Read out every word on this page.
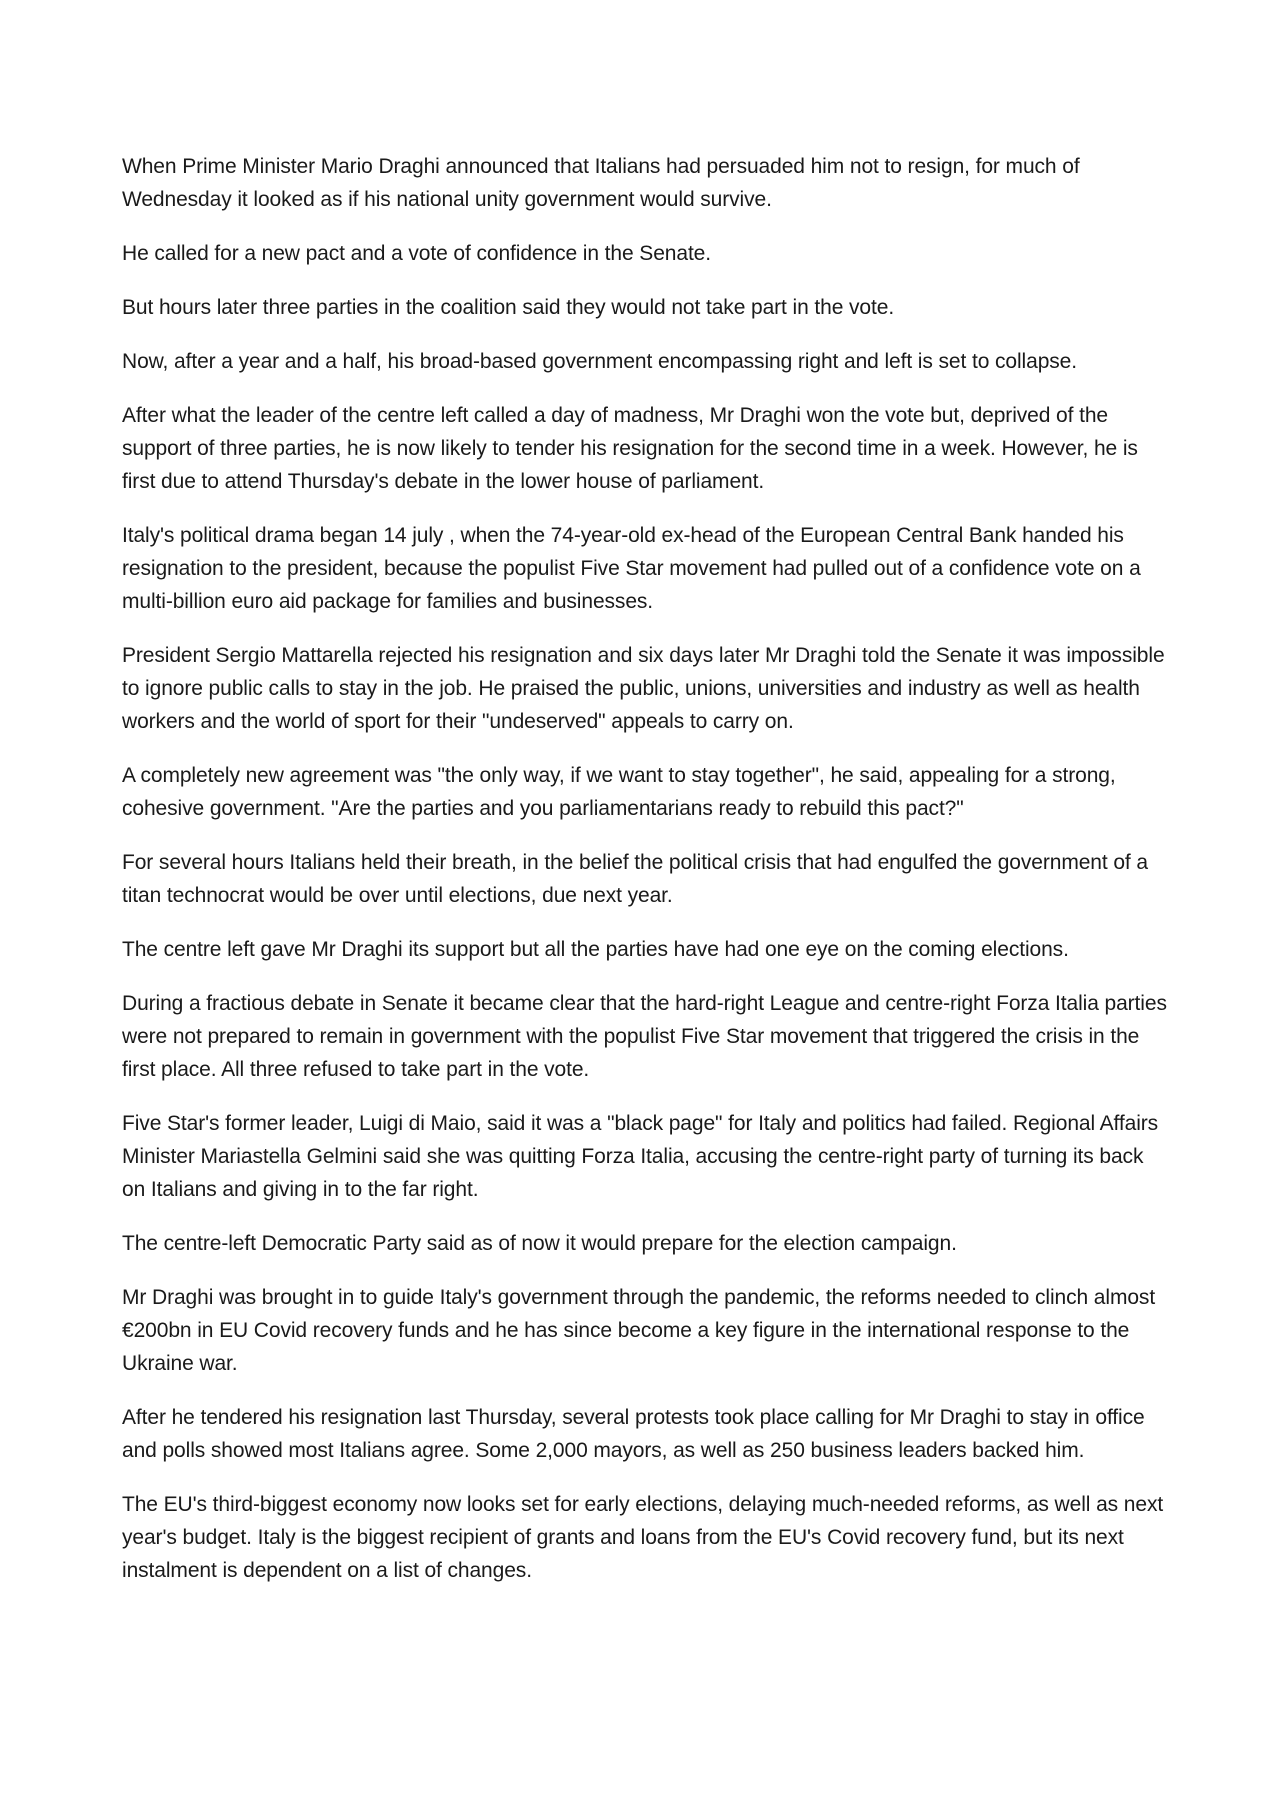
When Prime Minister Mario Draghi announced that Italians had persuaded him not to resign, for much of Wednesday it looked as if his national unity government would survive.

He called for a new pact and a vote of confidence in the Senate.

But hours later three parties in the coalition said they would not take part in the vote.

Now, after a year and a half, his broad-based government encompassing right and left is set to collapse.

After what the leader of the centre left called a day of madness, Mr Draghi won the vote but, deprived of the support of three parties, he is now likely to tender his resignation for the second time in a week. However, he is first due to attend Thursday's debate in the lower house of parliament.

Italy's political drama began 14 july , when the 74-year-old ex-head of the European Central Bank handed his resignation to the president, because the populist Five Star movement had pulled out of a confidence vote on a multi-billion euro aid package for families and businesses.

President Sergio Mattarella rejected his resignation and six days later Mr Draghi told the Senate it was impossible to ignore public calls to stay in the job. He praised the public, unions, universities and industry as well as health workers and the world of sport for their "undeserved" appeals to carry on.

A completely new agreement was "the only way, if we want to stay together", he said, appealing for a strong, cohesive government. "Are the parties and you parliamentarians ready to rebuild this pact?"

For several hours Italians held their breath, in the belief the political crisis that had engulfed the government of a titan technocrat would be over until elections, due next year.

The centre left gave Mr Draghi its support but all the parties have had one eye on the coming elections.

During a fractious debate in Senate it became clear that the hard-right League and centre-right Forza Italia parties were not prepared to remain in government with the populist Five Star movement that triggered the crisis in the first place. All three refused to take part in the vote.

Five Star's former leader, Luigi di Maio, said it was a "black page" for Italy and politics had failed. Regional Affairs Minister Mariastella Gelmini said she was quitting Forza Italia, accusing the centre-right party of turning its back on Italians and giving in to the far right.

The centre-left Democratic Party said as of now it would prepare for the election campaign.

Mr Draghi was brought in to guide Italy's government through the pandemic, the reforms needed to clinch almost €200bn in EU Covid recovery funds and he has since become a key figure in the international response to the Ukraine war.

After he tendered his resignation last Thursday, several protests took place calling for Mr Draghi to stay in office and polls showed most Italians agree. Some 2,000 mayors, as well as 250 business leaders backed him.

The EU's third-biggest economy now looks set for early elections, delaying much-needed reforms, as well as next year's budget. Italy is the biggest recipient of grants and loans from the EU's Covid recovery fund, but its next instalment is dependent on a list of changes.
